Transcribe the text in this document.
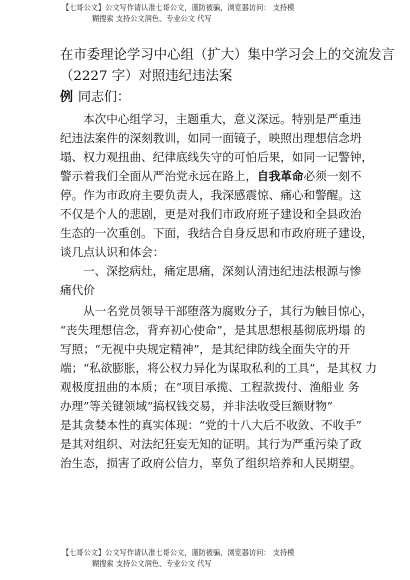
【七哥公文】公文写作请认准七哥公文，谨防被骗，浏览器访问： 支持模
糊搜索 支持公文润色、专业公文 代写
在市委理论学习中心组（扩大）集中学习会上的交流发言
（2227 字）对照违纪违法案
例 同志们：
本次中心组学习，主题重大，意义深远。特别是严重违
纪违法案件的深刻教训，如同一面镜子，映照出理想信念坍
塌、权力观扭曲、纪律底线失守的可怕后果，如同一记警钟，
警示着我们全面从严治党永远在路上，自我革命必须一刻不
停。作为市政府主要负责人，我深感震惊、痛心和警醒。这
不仅是个人的悲剧，更是对我们市政府班子建设和全县政治
生态的一次重创。下面，我结合自身反思和市政府班子建设，
谈几点认识和体会：
一、深挖病灶，痛定思痛，深刻认清违纪违法根源与惨
痛代价
从一名党员领导干部堕落为腐败分子，其行为触目惊心，
“丧失理想信念，背弃初心使命”，是其思想根基彻底坍塌 的
写照；“无视中央规定精神”，是其纪律防线全面失守的开
端；“私欲膨胀，将公权力异化为谋取私利的工具”，是其权 力
观极度扭曲的本质；在“项目承揽、工程款拨付、渔船业 务
办理”等关键领域“搞权钱交易，并非法收受巨额财物”
是其贪婪本性的真实体现：“党的十八大后不收敛、不收手”
是其对组织、对法纪狂妄无知的证明。其行为严重污染了政
治生态，损害了政府公信力，辜负了组织培养和人民期望。
【七哥公文】公文写作请认准七哥公文，谨防被骗，浏览器访问： 支持模
糊搜索 支持公文润色、专业公文 代写
